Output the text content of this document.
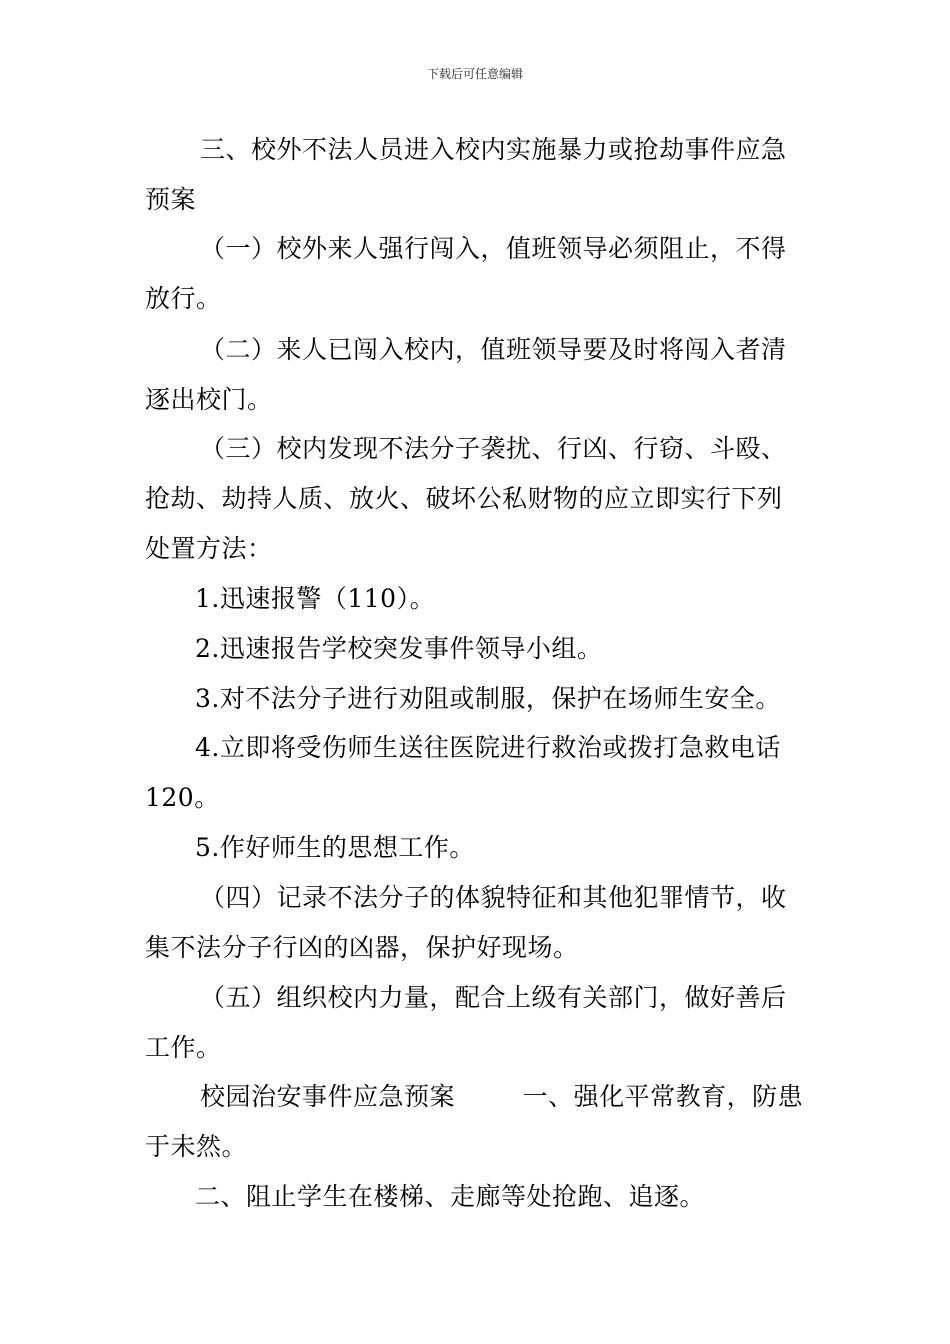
下载后可任意编辑
三、校外不法人员进入校内实施暴力或抢劫事件应急
预案
（一）校外来人强行闯入，值班领导必须阻止，不得
放行。
（二）来人已闯入校内，值班领导要及时将闯入者清
逐出校门。
（三）校内发现不法分子袭扰、行凶、行窃、斗殴、
抢劫、劫持人质、放火、破坏公私财物的应立即实行下列
处置方法：
1.迅速报警（110）。
2.迅速报告学校突发事件领导小组。
3.对不法分子进行劝阻或制服，保护在场师生安全。
4.立即将受伤师生送往医院进行救治或拨打急救电话
120。
5.作好师生的思想工作。
（四）记录不法分子的体貌特征和其他犯罪情节，收
集不法分子行凶的凶器，保护好现场。
（五）组织校内力量，配合上级有关部门，做好善后
工作。
校园治安事件应急预案        一、强化平常教育，防患
于未然。
二、阻止学生在楼梯、走廊等处抢跑、追逐。
